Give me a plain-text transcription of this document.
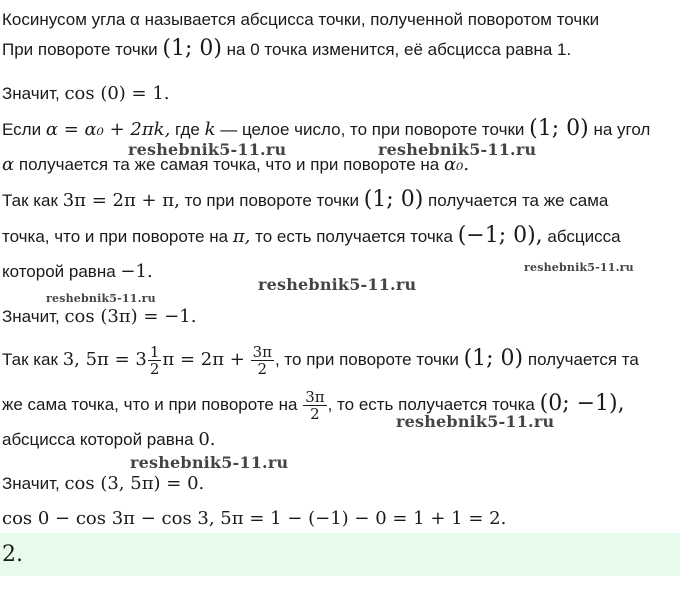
Косинусом угла α называется абсцисса точки, полученной поворотом точки
При повороте точки (1; 0) на 0 точка изменится, её абсцисса равна 1.
Значит, cos (0) = 1.
Если α = α₀ + 2πk, где k — целое число, то при повороте точки (1; 0) на угол
α получается та же самая точка, что и при повороте на α₀.
Так как 3π = 2π + π, то при повороте точки (1; 0) получается та же сама
точка, что и при повороте на π, то есть получается точка (−1; 0), абсцисса
которой равна −1.
Значит, cos (3π) = −1.
Так как 3, $5\pi = 3 \frac{1}{2}$ $\pi = 2\pi + \frac{3\pi}{2}$ , то при повороте точки (1; 0) получается та
же сама точка, что и при повороте на $\frac{3\pi}{2}$ , то есть получается точка (0; −1),
абсцисса которой равна 0.
Значит, cos (3, 5π) = 0.
cos 0 − cos 3π − cos 3, 5π = 1 − (−1) − 0 = 1 + 1 = 2.
2.
reshebnik5-11.ru	reshebnik5-11.ru
reshebnik5-11.ru
reshebnik5-11.ru
reshebnik5-11.ru
reshebnik5-11.ru
reshebnik5-11.ru
